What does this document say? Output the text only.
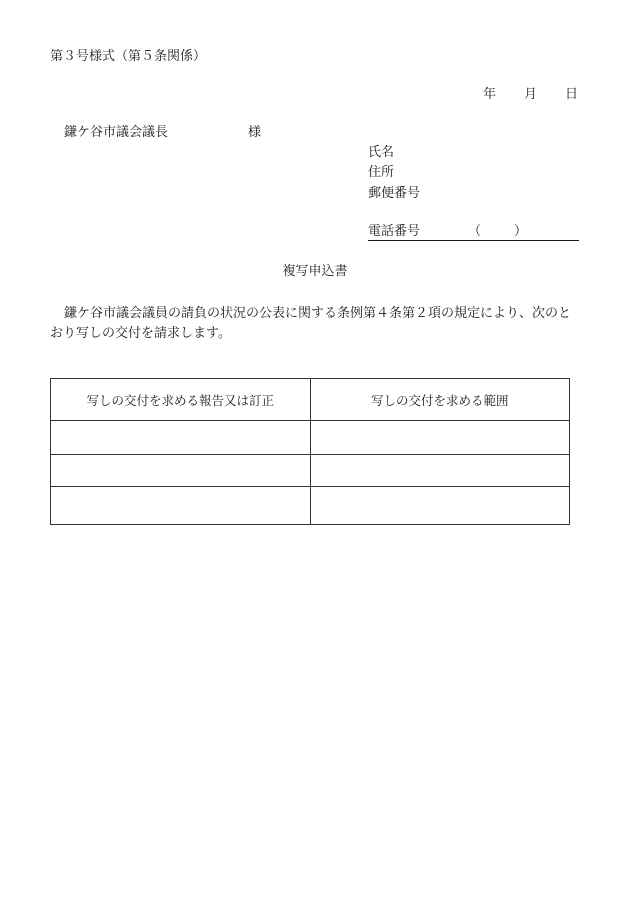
第３号様式（第５条関係）
年 月 日
鎌ケ谷市議会議長	様
氏名
住所
郵便番号
電話番号	（	）
複写申込書
鎌ケ谷市議会議員の請負の状況の公表に関する条例第４条第２項の規定により、次のとおり写しの交付を請求します。
写しの交付を求める報告又は訂正	写しの交付を求める範囲
